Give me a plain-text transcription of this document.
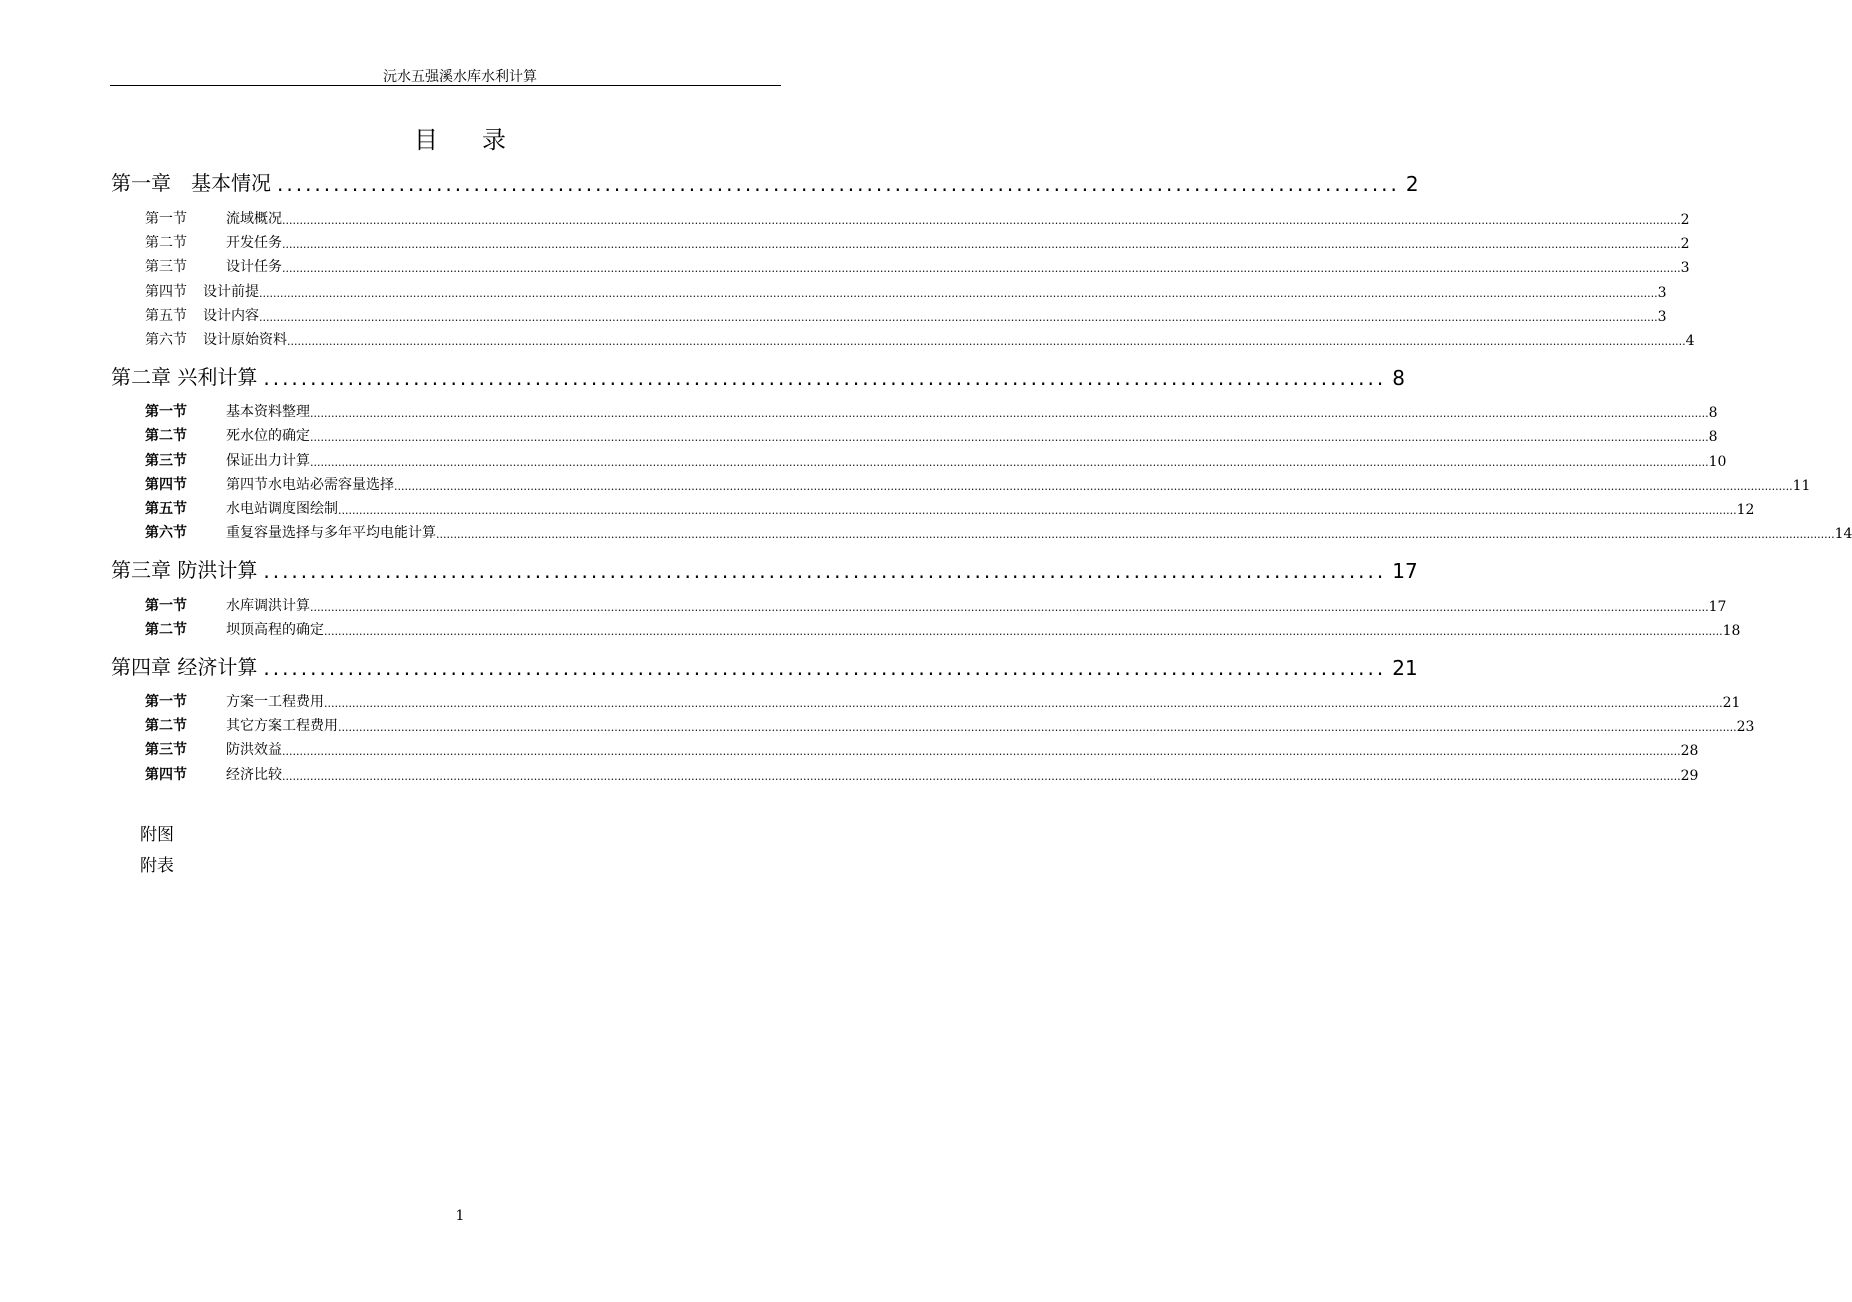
沅水五强溪水库水利计算
目录
第一章　基本情况 ........................................................................................................................ 2
第一节	流域概况 ................................................................................................................................................................................................................................................................................................................................................................................................................ 2
第二节	开发任务 ................................................................................................................................................................................................................................................................................................................................................................................................................ 2
第三节	设计任务 ................................................................................................................................................................................................................................................................................................................................................................................................................ 3
第四节 设计前提 ................................................................................................................................................................................................................................................................................................................................................................................................................ 3
第五节 设计内容 ................................................................................................................................................................................................................................................................................................................................................................................................................ 3
第六节 设计原始资料 ................................................................................................................................................................................................................................................................................................................................................................................................................ 4
第二章 兴利计算 ........................................................................................................................ 8
第一节	基本资料整理 ................................................................................................................................................................................................................................................................................................................................................................................................................ 8
第二节	死水位的确定 ................................................................................................................................................................................................................................................................................................................................................................................................................ 8
第三节	保证出力计算 ................................................................................................................................................................................................................................................................................................................................................................................................................ 10
第四节	第四节水电站必需容量选择 ................................................................................................................................................................................................................................................................................................................................................................................................................ 11
第五节	水电站调度图绘制 ................................................................................................................................................................................................................................................................................................................................................................................................................ 12
第六节	重复容量选择与多年平均电能计算 ................................................................................................................................................................................................................................................................................................................................................................................................................ 14
第三章 防洪计算 ........................................................................................................................ 17
第一节	水库调洪计算 ................................................................................................................................................................................................................................................................................................................................................................................................................ 17
第二节	坝顶高程的确定 ................................................................................................................................................................................................................................................................................................................................................................................................................ 18
第四章 经济计算 ........................................................................................................................ 21
第一节	方案一工程费用 ................................................................................................................................................................................................................................................................................................................................................................................................................ 21
第二节	其它方案工程费用 ................................................................................................................................................................................................................................................................................................................................................................................................................ 23
第三节	防洪效益 ................................................................................................................................................................................................................................................................................................................................................................................................................ 28
第四节	经济比较 ................................................................................................................................................................................................................................................................................................................................................................................................................ 29
附图
附表
1
